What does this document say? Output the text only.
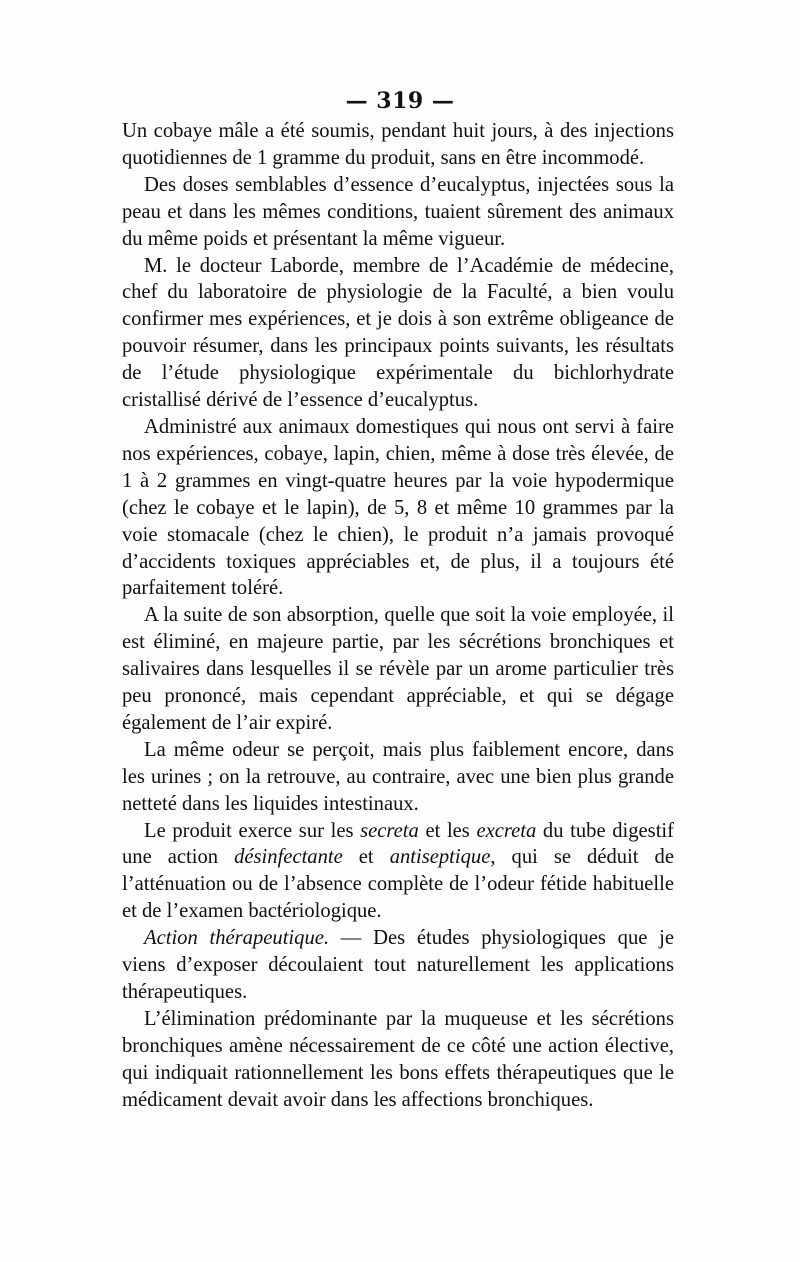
— 319 —

Un cobaye mâle a été soumis, pendant huit jours, à des injections quotidiennes de 1 gramme du produit, sans en être incommodé.

Des doses semblables d’essence d’eucalyptus, injectées sous la peau et dans les mêmes conditions, tuaient sûrement des animaux du même poids et présentant la même vigueur.

M. le docteur Laborde, membre de l’Académie de médecine, chef du laboratoire de physiologie de la Faculté, a bien voulu confirmer mes expériences, et je dois à son extrême obligeance de pouvoir résumer, dans les principaux points suivants, les résultats de l’étude physiologique expérimentale du bichlorhydrate cristallisé dérivé de l’essence d’eucalyptus.

Administré aux animaux domestiques qui nous ont servi à faire nos expériences, cobaye, lapin, chien, même à dose très élevée, de 1 à 2 grammes en vingt-quatre heures par la voie hypodermique (chez le cobaye et le lapin), de 5, 8 et même 10 grammes par la voie stomacale (chez le chien), le produit n’a jamais provoqué d’accidents toxiques appréciables et, de plus, il a toujours été parfaitement toléré.

A la suite de son absorption, quelle que soit la voie employée, il est éliminé, en majeure partie, par les sécrétions bronchiques et salivaires dans lesquelles il se révèle par un arome particulier très peu prononcé, mais cependant appréciable, et qui se dégage également de l’air expiré.

La même odeur se perçoit, mais plus faiblement encore, dans les urines ; on la retrouve, au contraire, avec une bien plus grande netteté dans les liquides intestinaux.

Le produit exerce sur les secreta et les excreta du tube digestif une action désinfectante et antiseptique, qui se déduit de l’atténuation ou de l’absence complète de l’odeur fétide habituelle et de l’examen bactériologique.

Action thérapeutique. — Des études physiologiques que je viens d’exposer découlaient tout naturellement les applications thérapeutiques.

L’élimination prédominante par la muqueuse et les sécrétions bronchiques amène nécessairement de ce côté une action élective, qui indiquait rationnellement les bons effets thérapeutiques que le médicament devait avoir dans les affections bronchiques.
